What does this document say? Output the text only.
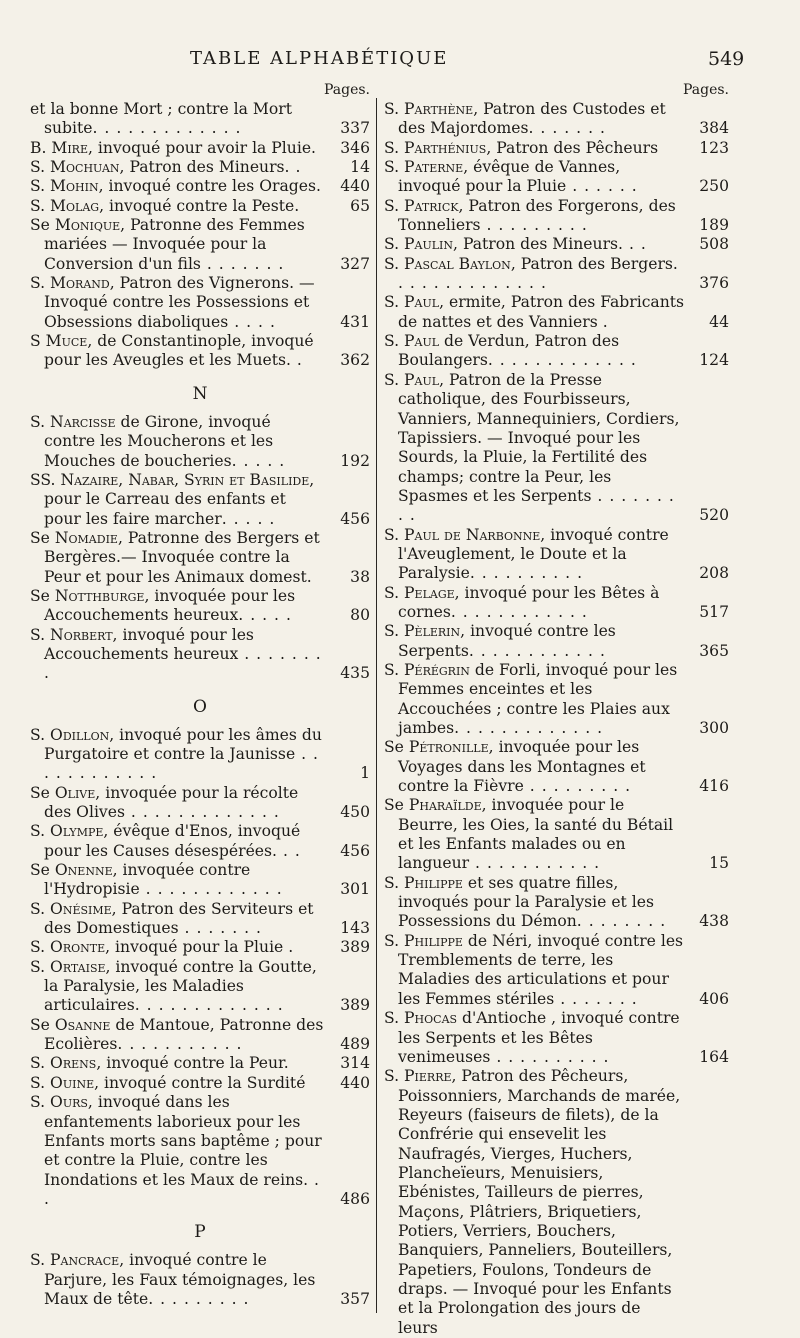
TABLE ALPHABÉTIQUE	549
Pages.
et la bonne Mort ; contre la Mort subite. . . . . . . . . . . . .	337
B. Mire, invoqué pour avoir la Pluie. 346
S. Mochuan, Patron des Mineurs. .	14
S. Mohin, invoqué contre les Orages. 440
S. Molag, invoqué contre la Peste.	65
Se Monique, Patronne des Femmes mariées — Invoquée pour la Conversion d'un fils . . . . . . .	327
S. Morand, Patron des Vignerons. — Invoqué contre les Possessions et Obsessions diaboliques . . . .	431
S Muce, de Constantinople, invoqué pour les Aveugles et les Muets. . 362
N
S. Narcisse de Girone, invoqué contre les Moucherons et les Mouches de boucheries. . . . .	192
SS. Nazaire, Nabar, Syrin et Basilide, pour le Carreau des enfants et pour les faire marcher. . . . .	456
Se Nomadie, Patronne des Bergers et Bergères.— Invoquée contre la Peur et pour les Animaux domest. 38
Se Notthburge, invoquée pour les Accouchements heureux. . . . .	80
S. Norbert, invoqué pour les Accouchements heureux . . . . . . . .	435
O
S. Odillon, invoqué pour les âmes du Purgatoire et contre la Jaunisse . . . . . . . . . . . .	1
Se Olive, invoquée pour la récolte des Olives . . . . . . . . . . . . .	450
S. Olympe, évêque d'Enos, invoqué pour les Causes désespérées. . .	456
Se Onenne, invoquée contre l'Hydropisie . . . . . . . . . . . .	301
S. Onésime, Patron des Serviteurs et des Domestiques . . . . . . .	143
S. Oronte, invoqué pour la Pluie .	389
S. Ortaise, invoqué contre la Goutte, la Paralysie, les Maladies articulaires. . . . . . . . . . . . .	389
Se Osanne de Mantoue, Patronne des Ecolières. . . . . . . . . . .	489
S. Orens, invoqué contre la Peur.	314
S. Ouine, invoqué contre la Surdité 440
S. Ours, invoqué dans les enfantements laborieux pour les Enfants morts sans baptême ; pour et contre la Pluie, contre les Inondations et les Maux de reins. . .	486
P
S. Pancrace, invoqué contre le Parjure, les Faux témoignages, les Maux de tête. . . . . . . . .	357
Pages.
S. Parthène, Patron des Custodes et des Majordomes. . . . . . .	384
S. Parthénius, Patron des Pêcheurs	123
S. Paterne, évêque de Vannes, invoqué pour la Pluie . . . . . .	250
S. Patrick, Patron des Forgerons, des Tonneliers . . . . . . . . .	189
S. Paulin, Patron des Mineurs. . .	508
S. Pascal Baylon, Patron des Bergers. . . . . . . . . . . . . .	376
S. Paul, ermite, Patron des Fabricants de nattes et des Vanniers .	44
S. Paul de Verdun, Patron des Boulangers. . . . . . . . . . . . .	124
S. Paul, Patron de la Presse catholique, des Fourbisseurs, Vanniers, Mannequiniers, Cordiers, Tapissiers. — Invoqué pour les Sourds, la Pluie, la Fertilité des champs; contre la Peur, les Spasmes et les Serpents . . . . . . . . .	520
S. Paul de Narbonne, invoqué contre l'Aveuglement, le Doute et la Paralysie. . . . . . . . . .	208
S. Pelage, invoqué pour les Bêtes à cornes. . . . . . . . . . . .	517
S. Pèlerin, invoqué contre les Serpents. . . . . . . . . . . .	365
S. Pérégrin de Forli, invoqué pour les Femmes enceintes et les Accouchées ; contre les Plaies aux jambes. . . . . . . . . . . . .	300
Se Pétronille, invoquée pour les Voyages dans les Montagnes et contre la Fièvre . . . . . . . . .	416
Se Pharaïlde, invoquée pour le Beurre, les Oies, la santé du Bétail et les Enfants malades ou en langueur . . . . . . . . . . .	15
S. Philippe et ses quatre filles, invoqués pour la Paralysie et les Possessions du Démon. . . . . . . . 438
S. Philippe de Néri, invoqué contre les Tremblements de terre, les Maladies des articulations et pour les Femmes stériles . . . . . . .	406
S. Phocas d'Antioche , invoqué contre les Serpents et les Bêtes venimeuses . . . . . . . . . .	164
S. Pierre, Patron des Pêcheurs, Poissonniers, Marchands de marée, Reyeurs (faiseurs de filets), de la Confrérie qui ensevelit les Naufragés, Vierges, Huchers, Plancheïeurs, Menuisiers, Ebénistes, Tailleurs de pierres, Maçons, Plâtriers, Briquetiers, Potiers, Verriers, Bouchers, Banquiers, Panneliers, Bouteillers, Papetiers, Foulons, Tondeurs de draps. — Invoqué pour les Enfants et la Prolongation des jours de leurs
